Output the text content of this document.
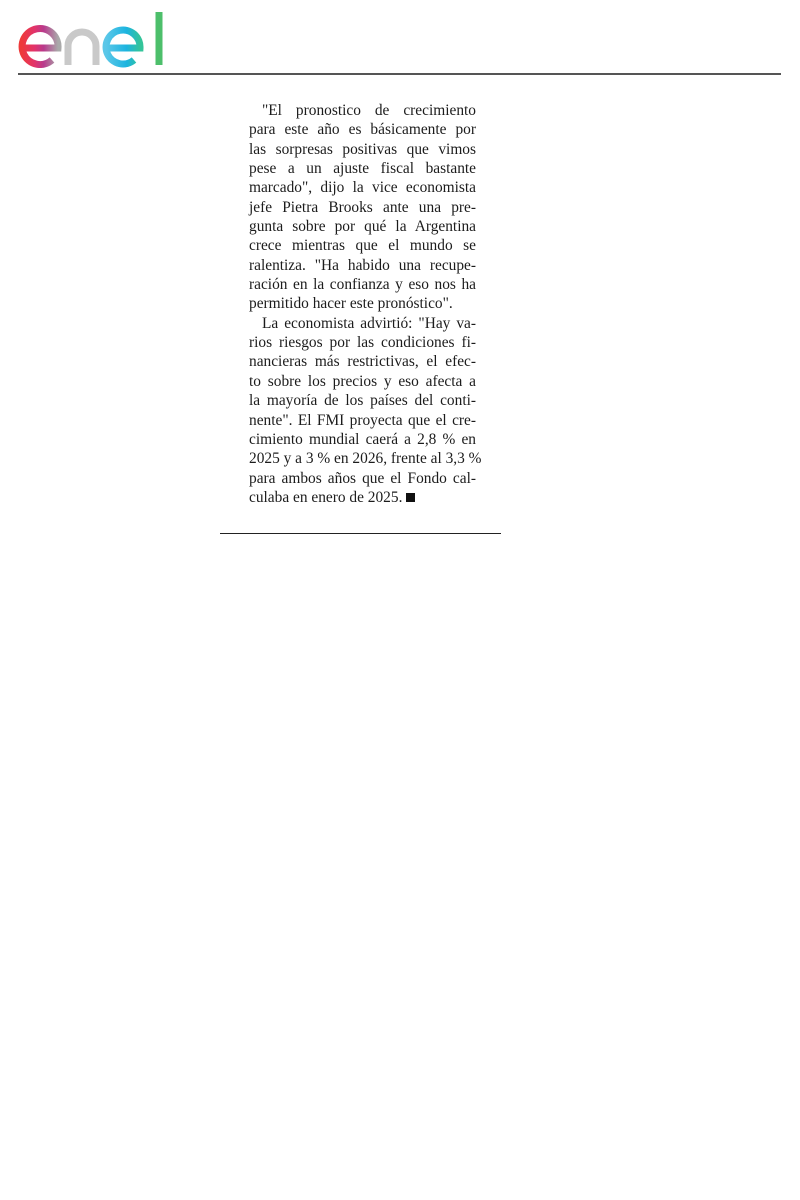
"El pronostico de crecimiento
para este año es básicamente por
las sorpresas positivas que vimos
pese a un ajuste fiscal bastante
marcado", dijo la vice economista
jefe Pietra Brooks ante una pre-
gunta sobre por qué la Argentina
crece mientras que el mundo se
ralentiza. "Ha habido una recupe-
ración en la confianza y eso nos ha
permitido hacer este pronóstico".
La economista advirtió: "Hay va-
rios riesgos por las condiciones fi-
nancieras más restrictivas, el efec-
to sobre los precios y eso afecta a
la mayoría de los países del conti-
nente". El FMI proyecta que el cre-
cimiento mundial caerá a 2,8 % en
2025 y a 3 % en 2026, frente al 3,3 %
para ambos años que el Fondo cal-
culaba en enero de 2025.
